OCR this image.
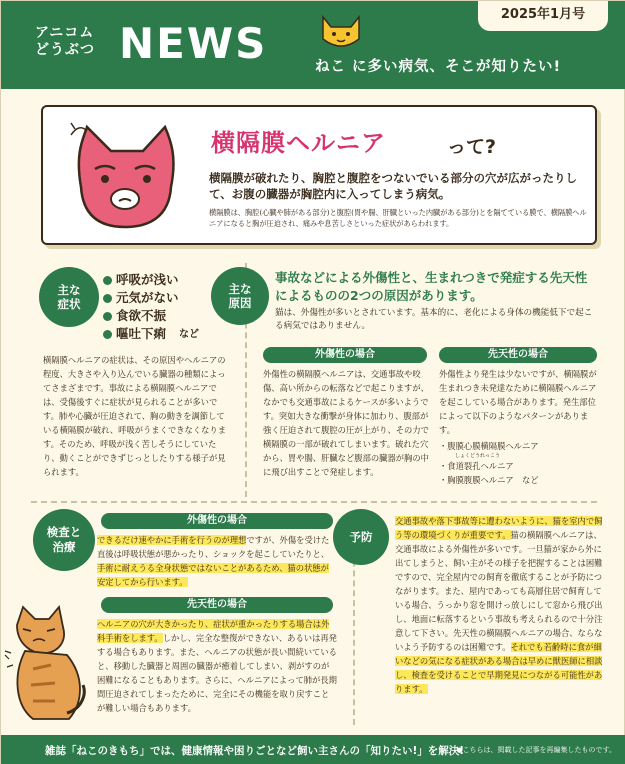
2025年1月号
アニコム
どうぶつ NEWS	ねこ に多い病気、そこが知りたい!
横隔膜ヘルニア	って?
横隔膜が破れたり、胸腔と腹腔をつないでいる部分の穴が広がったりして、お腹の臓器が胸腔内に入ってしまう病気。
横隔膜は、胸腔(心臓や肺がある部分)と腹腔(胃や腸、肝臓といった内臓がある部分)とを隔てている膜で、横隔膜ヘルニアになると胸が圧迫され、痛みや息苦しさといった症状があらわれます。
主な
症状
呼吸が浅い
元気がない
食欲不振
嘔吐下痢 など
横隔膜ヘルニアの症状は、その原因やヘルニアの程度、大きさや入り込んでいる臓器の種類によってさまざまです。事故による横隔膜ヘルニアでは、受傷後すぐに症状が見られることが多いです。肺や心臓が圧迫されて、胸の動きを調節している横隔膜が破れ、呼吸がうまくできなくなります。そのため、呼吸が浅く苦しそうにしていたり、動くことができずじっとしたりする様子が見られます。
主な
原因
事故などによる外傷性と、生まれつきで発症する先天性によるものの2つの原因があります。
猫は、外傷性が多いとされています。基本的に、老化による身体の機能低下で起こる病気ではありません。
外傷性の場合
外傷性の横隔膜ヘルニアは、交通事故や咬傷、高い所からの転落などで起こりますが、なかでも交通事故によるケースが多いようです。突如大きな衝撃が身体に加わり、腹部が強く圧迫されて腹腔の圧が上がり、その力で横隔膜の一部が破れてしまいます。破れた穴から、胃や腸、肝臓など腹部の臓器が胸の中に飛び出すことで発症します。
先天性の場合
外傷性より発生は少ないですが、横隔膜が生まれつき未発達なために横隔膜ヘルニアを起こしている場合があります。発生部位によって以下のようなパターンがあります。
・腹膜心膜横隔膜ヘルニア
しょくどうれっこう
・食道裂孔ヘルニア
・胸膜腹膜ヘルニア　など
検査と
治療
外傷性の場合
できるだけ速やかに手術を行うのが理想ですが、外傷を受けた直後は呼吸状態が悪かったり、ショックを起こしていたりと、手術に耐えうる全身状態ではないことがあるため、猫の状態が安定してから行います。
先天性の場合
ヘルニアの穴が大きかったり、症状が重かったりする場合は外科手術をします。しかし、完全な整復ができない、あるいは再発する場合もあります。また、ヘルニアの状態が長い間続いていると、移動した臓器と周囲の臓器が癒着してしまい、剥がすのが困難になることもあります。さらに、ヘルニアによって肺が長期間圧迫されてしまったために、完全にその機能を取り戻すことが難しい場合もあります。
予防
交通事故や落下事故等に遭わないように、猫を室内で飼う等の環境づくりが重要です。猫の横隔膜ヘルニアは、交通事故による外傷性が多いです。一旦猫が家から外に出てしまうと、飼い主がその様子を把握することは困難ですので、完全屋内での飼育を徹底することが予防につながります。また、屋内であっても高層住居で飼育している場合、うっかり窓を開けっ放しにして窓から飛び出し、地面に転落するという事故も考えられるので十分注意して下さい。先天性の横隔膜ヘルニアの場合、ならないよう予防するのは困難です。それでも若齢時に食が細いなどの気になる症状がある場合は早めに獣医師に相談し、検査を受けることで早期発見につながる可能性があります。
雑誌「ねこのきもち」では、健康情報や困りごとなど飼い主さんの「知りたい!」を解決!
●こちらは、掲載した記事を再編集したものです。
